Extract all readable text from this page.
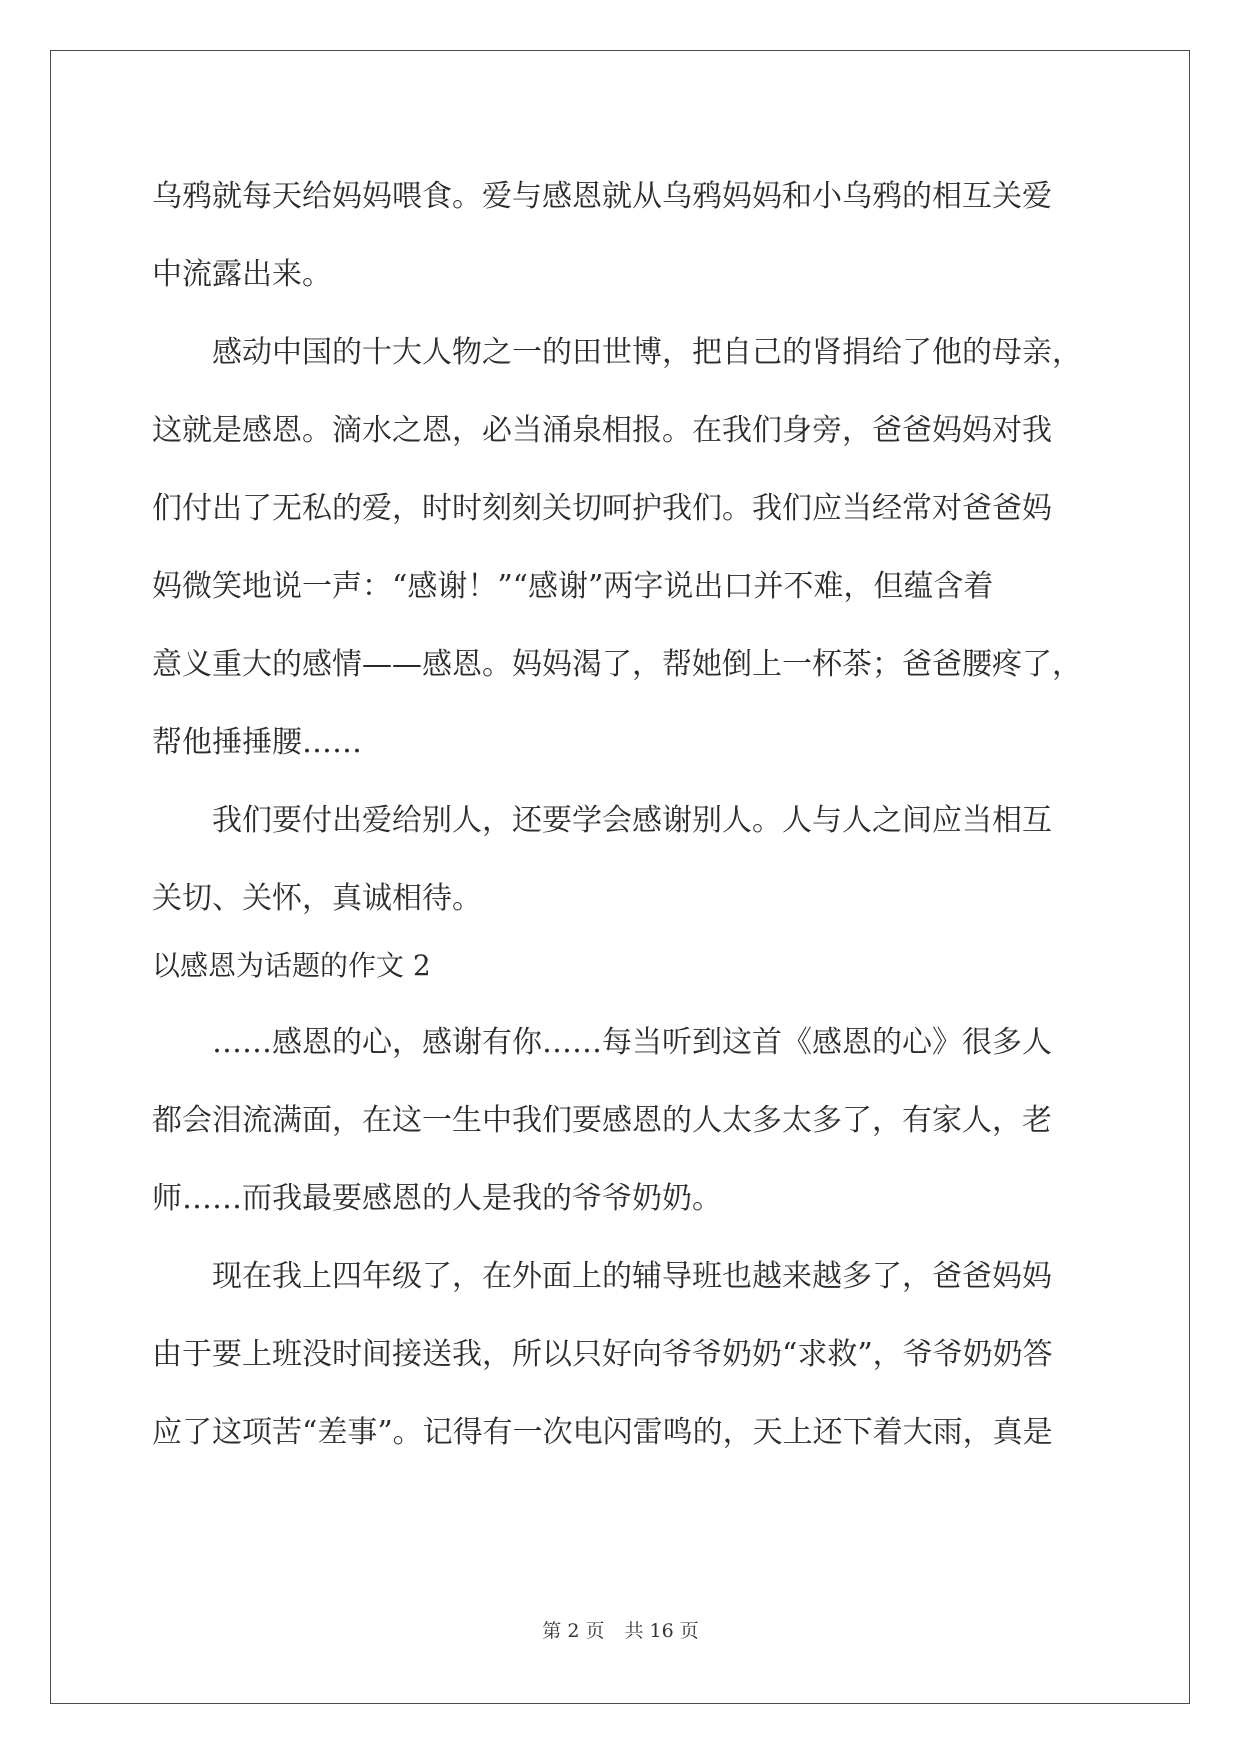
乌鸦就每天给妈妈喂食。爱与感恩就从乌鸦妈妈和小乌鸦的相互关爱
中流露出来。
感动中国的十大人物之一的田世博，把自己的肾捐给了他的母亲，
这就是感恩。滴水之恩，必当涌泉相报。在我们身旁，爸爸妈妈对我
们付出了无私的爱，时时刻刻关切呵护我们。我们应当经常对爸爸妈
妈微笑地说一声：“感谢！”“感谢”两字说出口并不难，但蕴含着
意义重大的感情——感恩。妈妈渴了，帮她倒上一杯茶；爸爸腰疼了，
帮他捶捶腰……
我们要付出爱给别人，还要学会感谢别人。人与人之间应当相互
关切、关怀，真诚相待。
以感恩为话题的作文 2
……感恩的心，感谢有你……每当听到这首《感恩的心》很多人
都会泪流满面，在这一生中我们要感恩的人太多太多了，有家人，老
师……而我最要感恩的人是我的爷爷奶奶。
现在我上四年级了，在外面上的辅导班也越来越多了，爸爸妈妈
由于要上班没时间接送我，所以只好向爷爷奶奶“求救”，爷爷奶奶答
应了这项苦“差事”。记得有一次电闪雷鸣的，天上还下着大雨，真是
第 2 页 共 16 页
